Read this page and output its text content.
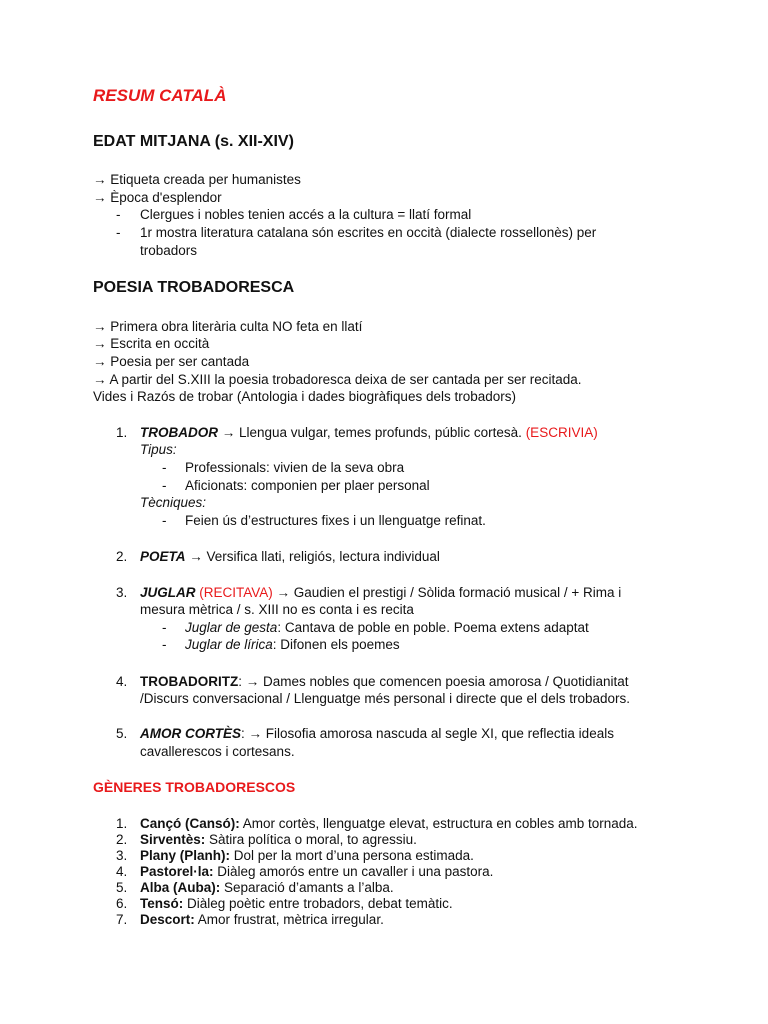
RESUM CATALÀ
EDAT MITJANA (s. XII-XIV)
→ Etiqueta creada per humanistes
→ Època d'esplendor
- Clergues i nobles tenien accés a la cultura = llatí formal
- 1r mostra literatura catalana són escrites en occità (dialecte rossellonès) per
trobadors
POESIA TROBADORESCA
→ Primera obra literària culta NO feta en llatí
→ Escrita en occità
→ Poesia per ser cantada
→ A partir del S.XIII la poesia trobadoresca deixa de ser cantada per ser recitada.
Vides i Razós de trobar (Antologia i dades biogràfiques dels trobadors)
1. TROBADOR → Llengua vulgar, temes profunds, públic cortesà. (ESCRIVIA)
Tipus:
- Professionals: vivien de la seva obra
- Aficionats: componien per plaer personal
Tècniques:
- Feien ús d’estructures fixes i un llenguatge refinat.
2. POETA → Versifica llati, religiós, lectura individual
3. JUGLAR (RECITAVA) → Gaudien el prestigi / Sòlida formació musical / + Rima i
mesura mètrica / s. XIII no es conta i es recita
- Juglar de gesta: Cantava de poble en poble. Poema extens adaptat
- Juglar de lírica: Difonen els poemes
4. TROBADORITZ: → Dames nobles que comencen poesia amorosa / Quotidianitat
/Discurs conversacional / Llenguatge més personal i directe que el dels trobadors.
5. AMOR CORTÈS: → Filosofia amorosa nascuda al segle XI, que reflectia ideals
cavallerescos i cortesans.
GÈNERES TROBADORESCOS
1. Cançó (Cansó): Amor cortès, llenguatge elevat, estructura en cobles amb tornada.
2. Sirventès: Sàtira política o moral, to agressiu.
3. Plany (Planh): Dol per la mort d’una persona estimada.
4. Pastorel·la: Diàleg amorós entre un cavaller i una pastora.
5. Alba (Auba): Separació d’amants a l’alba.
6. Tensó: Diàleg poètic entre trobadors, debat temàtic.
7. Descort: Amor frustrat, mètrica irregular.
